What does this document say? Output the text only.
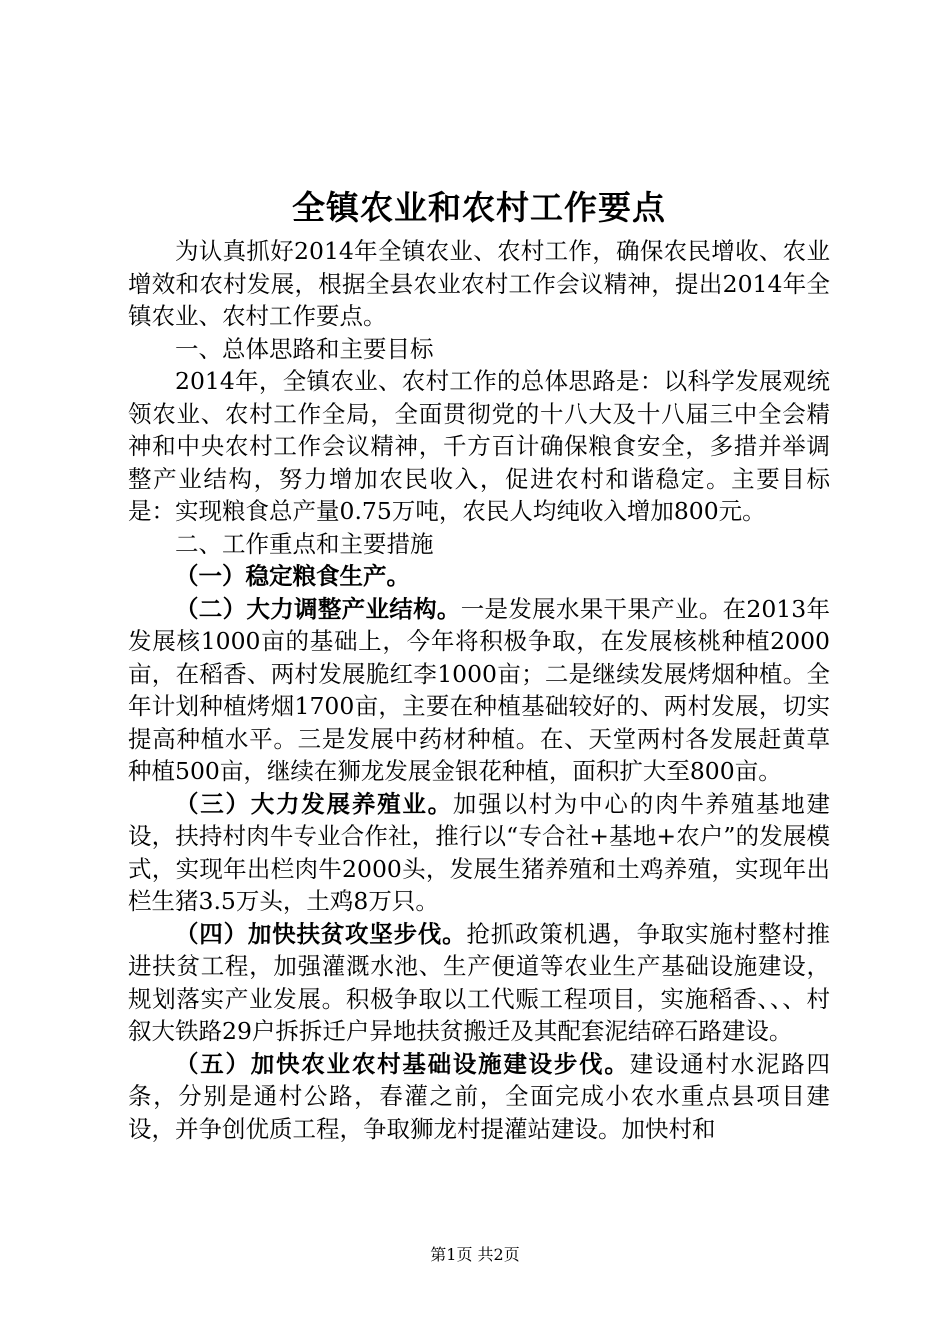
全镇农业和农村工作要点

为认真抓好2014年全镇农业、农村工作，确保农民增收、农业增效和农村发展，根据全县农业农村工作会议精神，提出2014年全镇农业、农村工作要点。

一、总体思路和主要目标

2014年，全镇农业、农村工作的总体思路是：以科学发展观统领农业、农村工作全局，全面贯彻党的十八大及十八届三中全会精神和中央农村工作会议精神，千方百计确保粮食安全，多措并举调整产业结构，努力增加农民收入，促进农村和谐稳定。主要目标是：实现粮食总产量0.75万吨，农民人均纯收入增加800元。

二、工作重点和主要措施

（一）稳定粮食生产。

（二）大力调整产业结构。一是发展水果干果产业。在2013年发展核1000亩的基础上，今年将积极争取，在发展核桃种植2000亩，在稻香、两村发展脆红李1000亩；二是继续发展烤烟种植。全年计划种植烤烟1700亩，主要在种植基础较好的、两村发展，切实提高种植水平。三是发展中药材种植。在、天堂两村各发展赶黄草种植500亩，继续在狮龙发展金银花种植，面积扩大至800亩。

（三）大力发展养殖业。加强以村为中心的肉牛养殖基地建设，扶持村肉牛专业合作社，推行以“专合社+基地+农户”的发展模式，实现年出栏肉牛2000头，发展生猪养殖和土鸡养殖，实现年出栏生猪3.5万头，土鸡8万只。

（四）加快扶贫攻坚步伐。抢抓政策机遇，争取实施村整村推进扶贫工程，加强灌溉水池、生产便道等农业生产基础设施建设，规划落实产业发展。积极争取以工代赈工程项目，实施稻香、、、村叙大铁路29户拆拆迁户异地扶贫搬迁及其配套泥结碎石路建设。

（五）加快农业农村基础设施建设步伐。建设通村水泥路四条，分别是通村公路，春灌之前，全面完成小农水重点县项目建设，并争创优质工程，争取狮龙村提灌站建设。加快村和

第1页 共2页
